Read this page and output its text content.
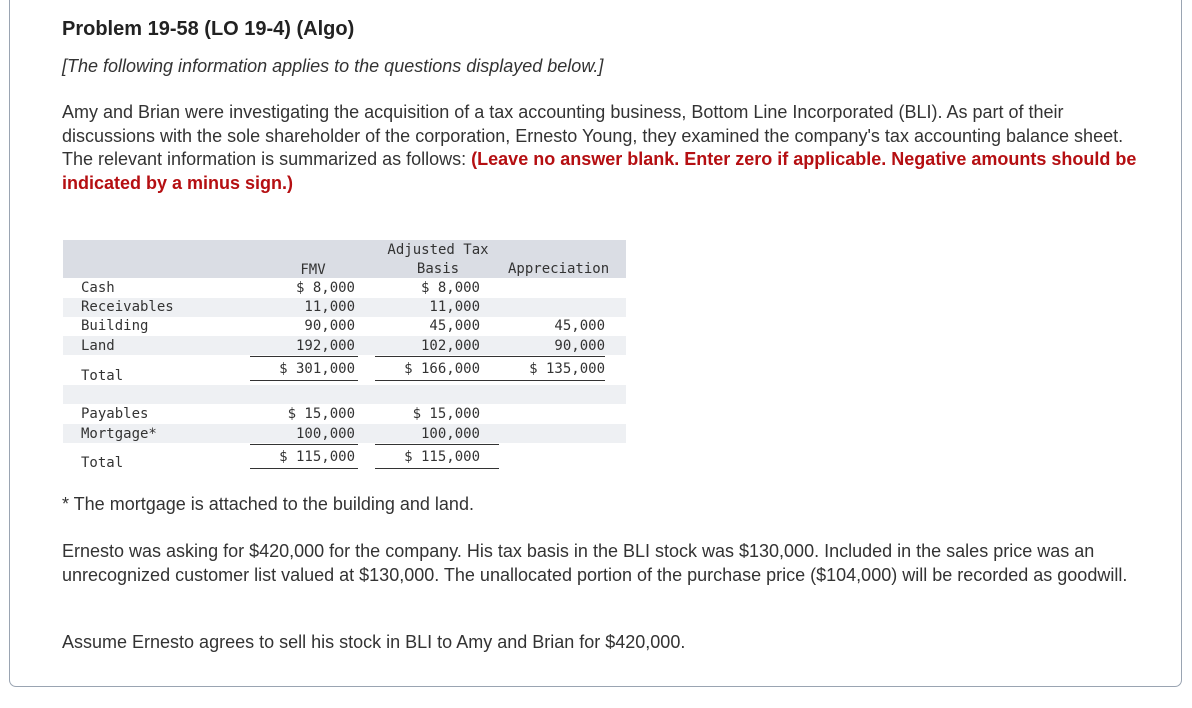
Problem 19-58 (LO 19-4) (Algo)
[The following information applies to the questions displayed below.]
Amy and Brian were investigating the acquisition of a tax accounting business, Bottom Line Incorporated (BLI). As part of their discussions with the sole shareholder of the corporation, Ernesto Young, they examined the company's tax accounting balance sheet. The relevant information is summarized as follows: (Leave no answer blank. Enter zero if applicable. Negative amounts should be indicated by a minus sign.)
FMV
Adjusted Tax
Basis	Appreciation
Cash	$ 8,000	$ 8,000
Receivables	11,000	11,000
Building	90,000	45,000	45,000
Land	192,000	102,000	90,000
Total	$ 301,000	$ 166,000	$ 135,000
Payables	$ 15,000	$ 15,000
Mortgage*	100,000	100,000
Total	$ 115,000	$ 115,000
* The mortgage is attached to the building and land.
Ernesto was asking for $420,000 for the company. His tax basis in the BLI stock was $130,000. Included in the sales price was an unrecognized customer list valued at $130,000. The unallocated portion of the purchase price ($104,000) will be recorded as goodwill.
Assume Ernesto agrees to sell his stock in BLI to Amy and Brian for $420,000.
